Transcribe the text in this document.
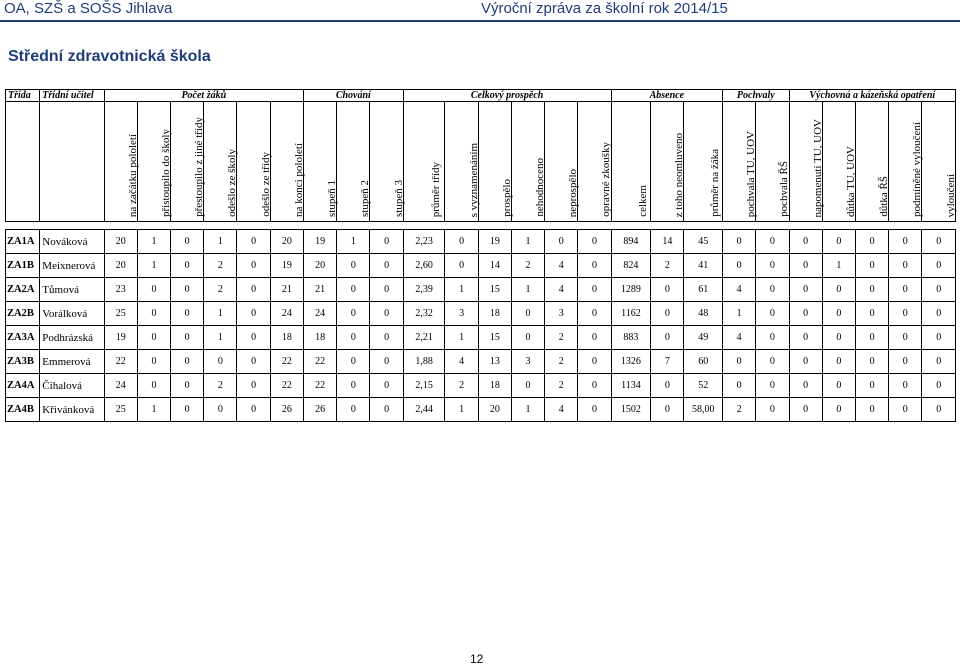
OA, SZŠ a SOŠS Jihlava	Výroční zpráva za školní rok 2014/15
Střední zdravotnická škola
Třída	Třídní učitel	Počet žáků						Chování			Celkový prospěch						Absence			Pochvaly		Výchovná a kázeňská opatření				

		na začátku pololetí	přistoupilo do školy	přestoupilo z jiné třídy	odešlo ze školy	odešlo ze třídy	na konci pololetí	stupeň 1	stupeň 2	stupeň 3	průměr třídy	s vyznamenáním	prospělo	nehodnoceno	neprospělo	opravné zkoušky	celkem	z toho neomluveno	průměr na žáka	pochvala TU, UOV	pochvala ŘŠ	napomenutí TU, UOV	důtka TU, UOV	důtka ŘŠ	podmíněné vyloučení	vyloučení

ZA1A	Nováková	20	1	0	1	0	20	19	1	0	2,23	0	19	1	0	0	894	14	45	0	0	0	0	0	0	0
ZA1B	Meixnerová	20	1	0	2	0	19	20	0	0	2,60	0	14	2	4	0	824	2	41	0	0	0	1	0	0	0
ZA2A	Tůmová	23	0	0	2	0	21	21	0	0	2,39	1	15	1	4	0	1289	0	61	4	0	0	0	0	0	0
ZA2B	Vorálková	25	0	0	1	0	24	24	0	0	2,32	3	18	0	3	0	1162	0	48	1	0	0	0	0	0	0
ZA3A	Podhrázská	19	0	0	1	0	18	18	0	0	2,21	1	15	0	2	0	883	0	49	4	0	0	0	0	0	0
ZA3B	Emmerová	22	0	0	0	0	22	22	0	0	1,88	4	13	3	2	0	1326	7	60	0	0	0	0	0	0	0
ZA4A	Čihalová	24	0	0	2	0	22	22	0	0	2,15	2	18	0	2	0	1134	0	52	0	0	0	0	0	0	0
ZA4B	Křivánková	25	1	0	0	0	26	26	0	0	2,44	1	20	1	4	0	1502	0	58,00	2	0	0	0	0	0	0
12
